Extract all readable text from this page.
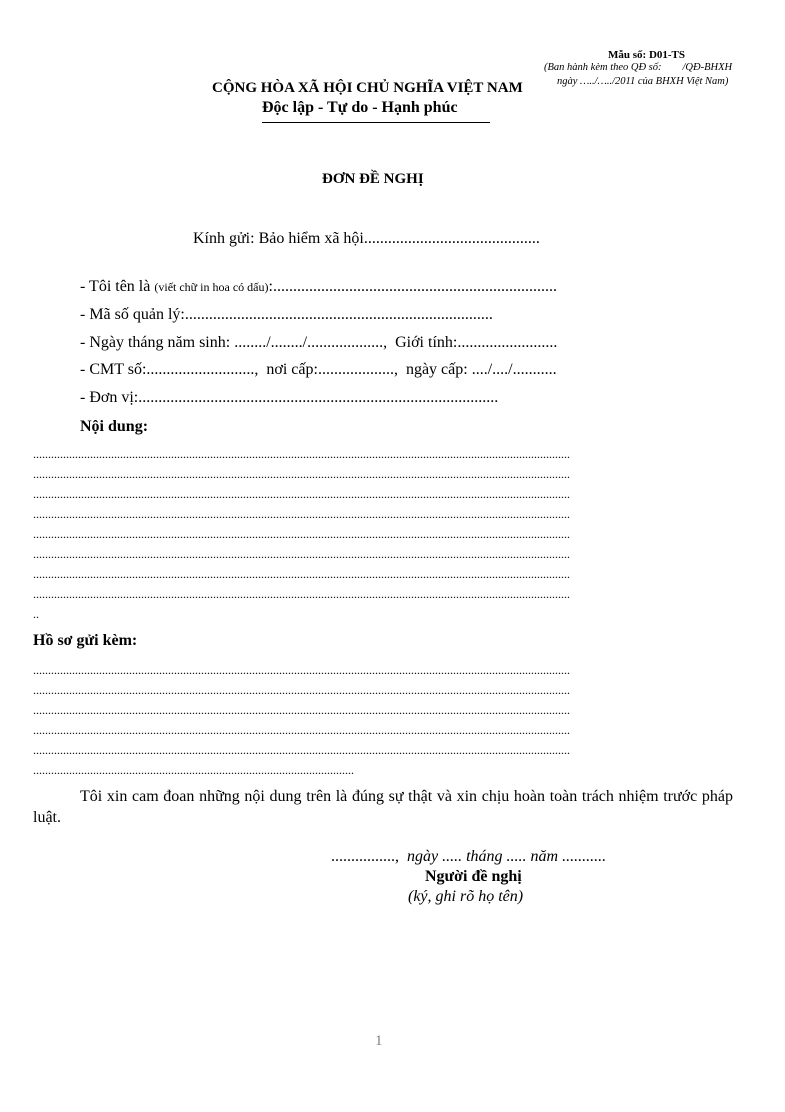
Mẫu số: D01-TS
(Ban hành kèm theo QĐ số:        /QĐ-BHXH
ngày …../…../2011 của BHXH Việt Nam)
CỘNG HÒA XÃ HỘI CHỦ NGHĨA VIỆT NAM
Độc lập - Tự do - Hạnh phúc
ĐƠN ĐỀ NGHỊ
Kính gửi: Bảo hiểm xã hội............................................
- Tôi tên là (viết chữ in hoa có dấu):.......................................................................
- Mã số quản lý:.............................................................................
- Ngày tháng năm sinh: ......../......../...................,  Giới tính:.........................
- CMT số:...........................,  nơi cấp:...................,  ngày cấp: ..../..../...........
- Đơn vị:..........................................................................................
Nội dung:
...................................................................................................................................................................................
...................................................................................................................................................................................
...................................................................................................................................................................................
...................................................................................................................................................................................
...................................................................................................................................................................................
...................................................................................................................................................................................
...................................................................................................................................................................................
...................................................................................................................................................................................
..
Hồ sơ gửi kèm:
...................................................................................................................................................................................
...................................................................................................................................................................................
...................................................................................................................................................................................
...................................................................................................................................................................................
...................................................................................................................................................................................
...........................................................................................................
Tôi xin cam đoan những nội dung trên là đúng sự thật và xin chịu hoàn toàn trách nhiệm trước pháp luật.
................,  ngày ..... tháng ..... năm ...........
Người đề nghị
(ký, ghi rõ họ tên)
1
